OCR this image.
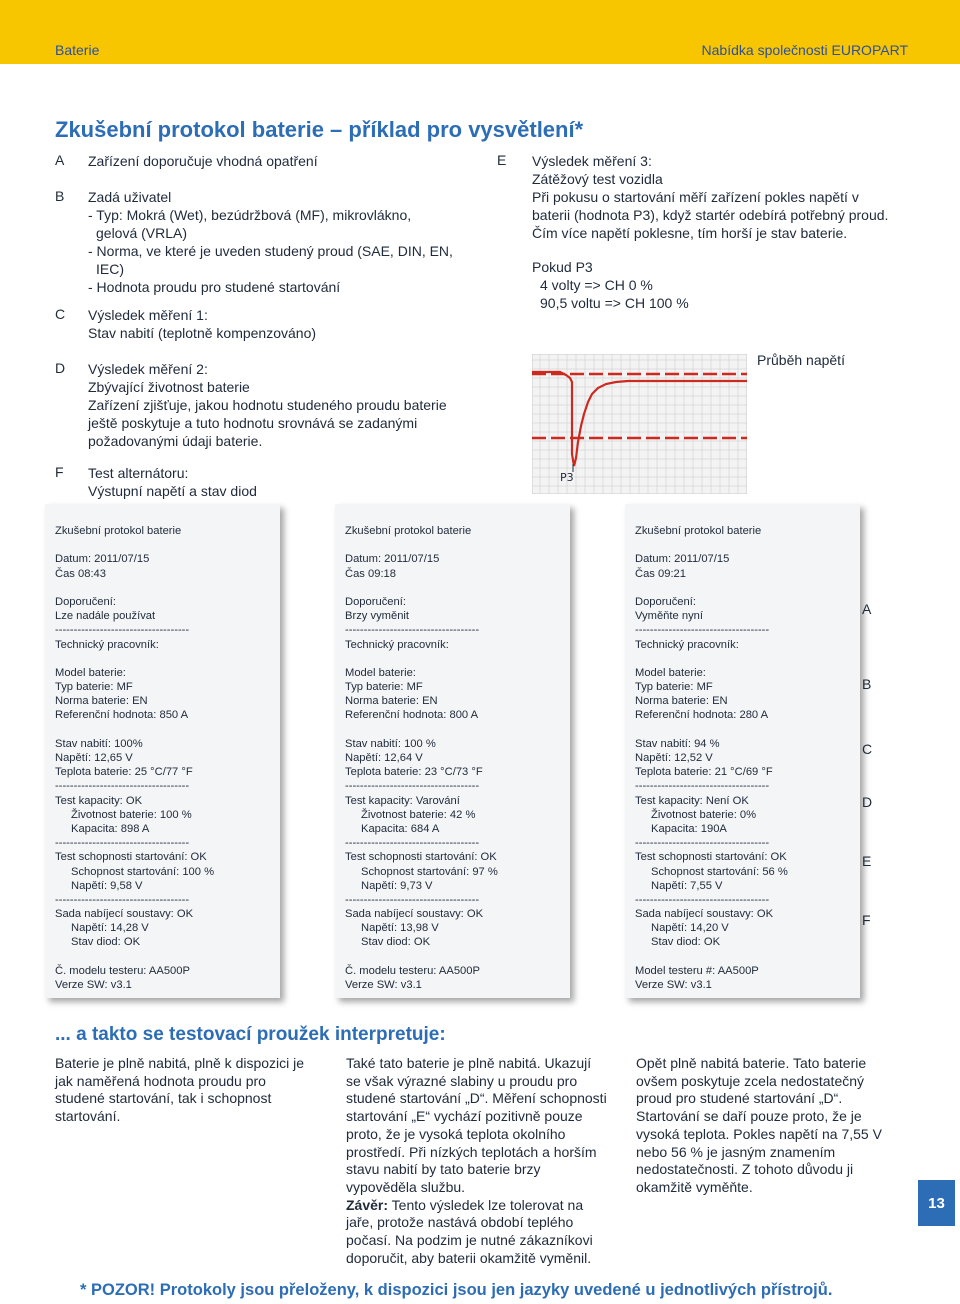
Baterie	Nabídka společnosti EUROPART
Zkušební protokol baterie – příklad pro vysvětlení*
A Zařízení doporučuje vhodná opatření
B Zadá uživatel
- Typ: Mokrá (Wet), bezúdržbová (MF), mikrovlákno,
gelová (VRLA)
- Norma, ve které je uveden studený proud (SAE, DIN, EN,
IEC)
- Hodnota proudu pro studené startování
C Výsledek měření 1:
Stav nabití (teplotně kompenzováno)
D Výsledek měření 2:
Zbývající životnost baterie
Zařízení zjišťuje, jakou hodnotu studeného proudu baterie
ještě poskytuje a tuto hodnotu srovnává se zadanými
požadovanými údaji baterie.
F Test alternátoru:
Výstupní napětí a stav diod
E Výsledek měření 3:
Zátěžový test vozidla
Při pokusu o startování měří zařízení pokles napětí v
baterii (hodnota P3), když startér odebírá potřebný proud.
Čím více napětí poklesne, tím horší je stav baterie.
Pokud P3
4 volty => CH 0 %
90,5 voltu => CH 100 %
P3
Průběh napětí
Zkušební protokol baterie
Datum: 2011/07/15
Čas 08:43
Doporučení:
Lze nadále používat
------------------------------------
Technický pracovník:
Model baterie:
Typ baterie: MF
Norma baterie: EN
Referenční hodnota: 850 A
Stav nabití: 100%
Napětí: 12,65 V
Teplota baterie: 25 °C/77 °F
------------------------------------
Test kapacity: OK
Životnost baterie: 100 %
Kapacita: 898 A
------------------------------------
Test schopnosti startování: OK
Schopnost startování: 100 %
Napětí: 9,58 V
------------------------------------
Sada nabíjecí soustavy: OK
Napětí: 14,28 V
Stav diod: OK
Č. modelu testeru: AA500P
Verze SW: v3.1
Zkušební protokol baterie
Datum: 2011/07/15
Čas 09:18
Doporučení:
Brzy vyměnit
------------------------------------
Technický pracovník:
Model baterie:
Typ baterie: MF
Norma baterie: EN
Referenční hodnota: 800 A
Stav nabití: 100 %
Napětí: 12,64 V
Teplota baterie: 23 °C/73 °F
------------------------------------
Test kapacity: Varování
Životnost baterie: 42 %
Kapacita: 684 A
------------------------------------
Test schopnosti startování: OK
Schopnost startování: 97 %
Napětí: 9,73 V
------------------------------------
Sada nabíjecí soustavy: OK
Napětí: 13,98 V
Stav diod: OK
Č. modelu testeru: AA500P
Verze SW: v3.1
Zkušební protokol baterie
Datum: 2011/07/15
Čas 09:21
Doporučení:
Vyměňte nyní
------------------------------------
Technický pracovník:
Model baterie:
Typ baterie: MF
Norma baterie: EN
Referenční hodnota: 280 A
Stav nabití: 94 %
Napětí: 12,52 V
Teplota baterie: 21 °C/69 °F
------------------------------------
Test kapacity: Není OK
Životnost baterie: 0%
Kapacita: 190A
------------------------------------
Test schopnosti startování: OK
Schopnost startování: 56 %
Napětí: 7,55 V
------------------------------------
Sada nabíjecí soustavy: OK
Napětí: 14,20 V
Stav diod: OK
Model testeru #: AA500P
Verze SW: v3.1
A
B
C
D
E
F
... a takto se testovací proužek interpretuje:
Baterie je plně nabitá, plně k dispozici je
jak naměřená hodnota proudu pro
studené startování, tak i schopnost
startování.
Také tato baterie je plně nabitá. Ukazují
se však výrazné slabiny u proudu pro
studené startování „D“. Měření schopnosti
startování „E“ vychází pozitivně pouze
proto, že je vysoká teplota okolního
prostředí. Při nízkých teplotách a horším
stavu nabití by tato baterie brzy
vypověděla službu.
Závěr: Tento výsledek lze tolerovat na
jaře, protože nastává období teplého
počasí. Na podzim je nutné zákazníkovi
doporučit, aby baterii okamžitě vyměnil.
Opět plně nabitá baterie. Tato baterie
ovšem poskytuje zcela nedostatečný
proud pro studené startování „D“.
Startování se daří pouze proto, že je
vysoká teplota. Pokles napětí na 7,55 V
nebo 56 % je jasným znamením
nedostatečnosti. Z tohoto důvodu ji
okamžitě vyměňte.
13
* POZOR! Protokoly jsou přeloženy, k dispozici jsou jen jazyky uvedené u jednotlivých přístrojů.
